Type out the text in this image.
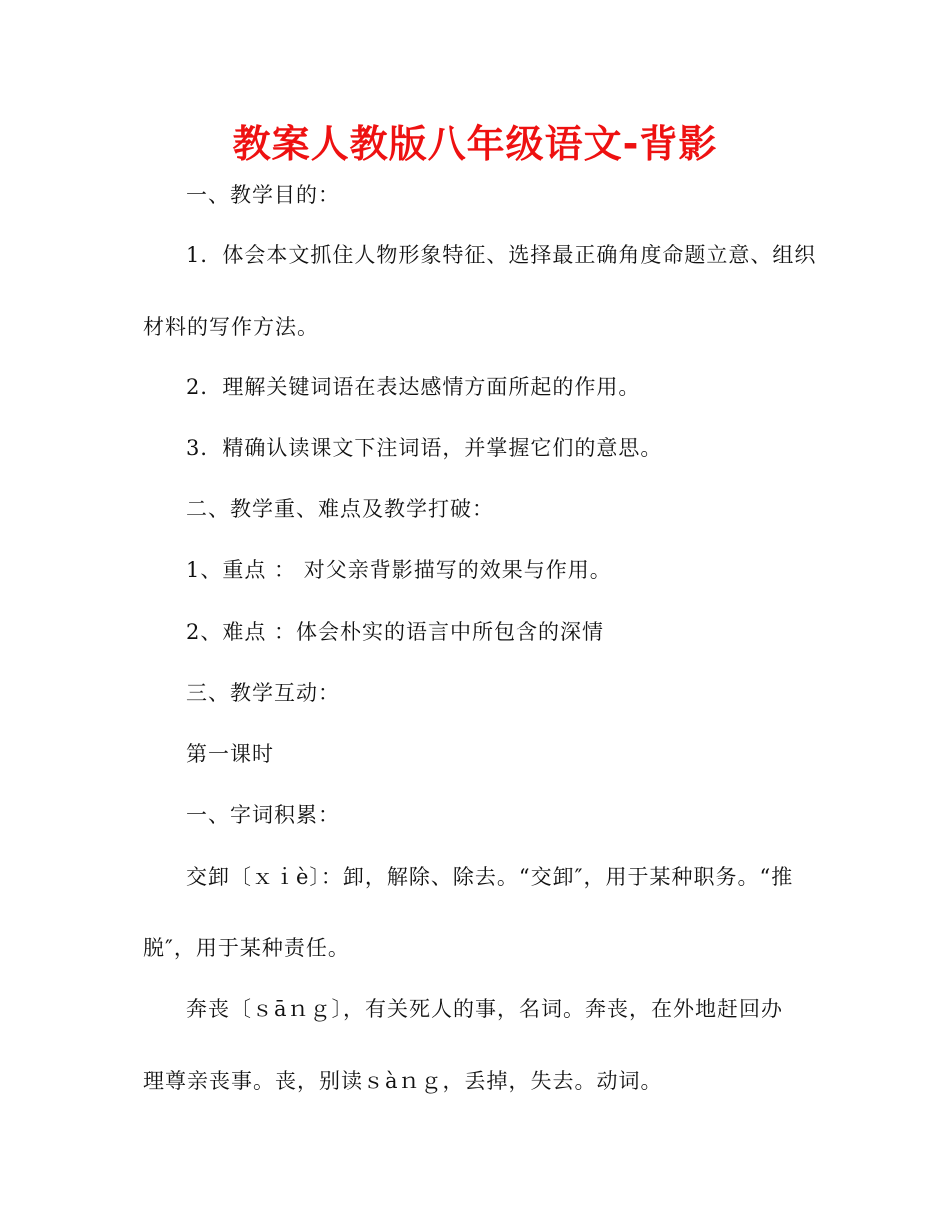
教案人教版八年级语文-背影
一、教学目的：
1．体会本文抓住人物形象特征、选择最正确角度命题立意、组织
材料的写作方法。
2．理解关键词语在表达感情方面所起的作用。
3．精确认读课文下注词语，并掌握它们的意思。
二、教学重、难点及教学打破：
1、重点 ： 对父亲背影描写的效果与作用。
2、难点 ：体会朴实的语言中所包含的深情
三、教学互动：
第一课时
一、字词积累：
交卸〔ｘｉè〕：卸，解除、除去。“交卸″，用于某种职务。“推
脱″，用于某种责任。
奔丧〔ｓāｎｇ〕，有关死人的事，名词。奔丧，在外地赶回办
理尊亲丧事。丧，别读ｓàｎｇ，丢掉，失去。动词。
